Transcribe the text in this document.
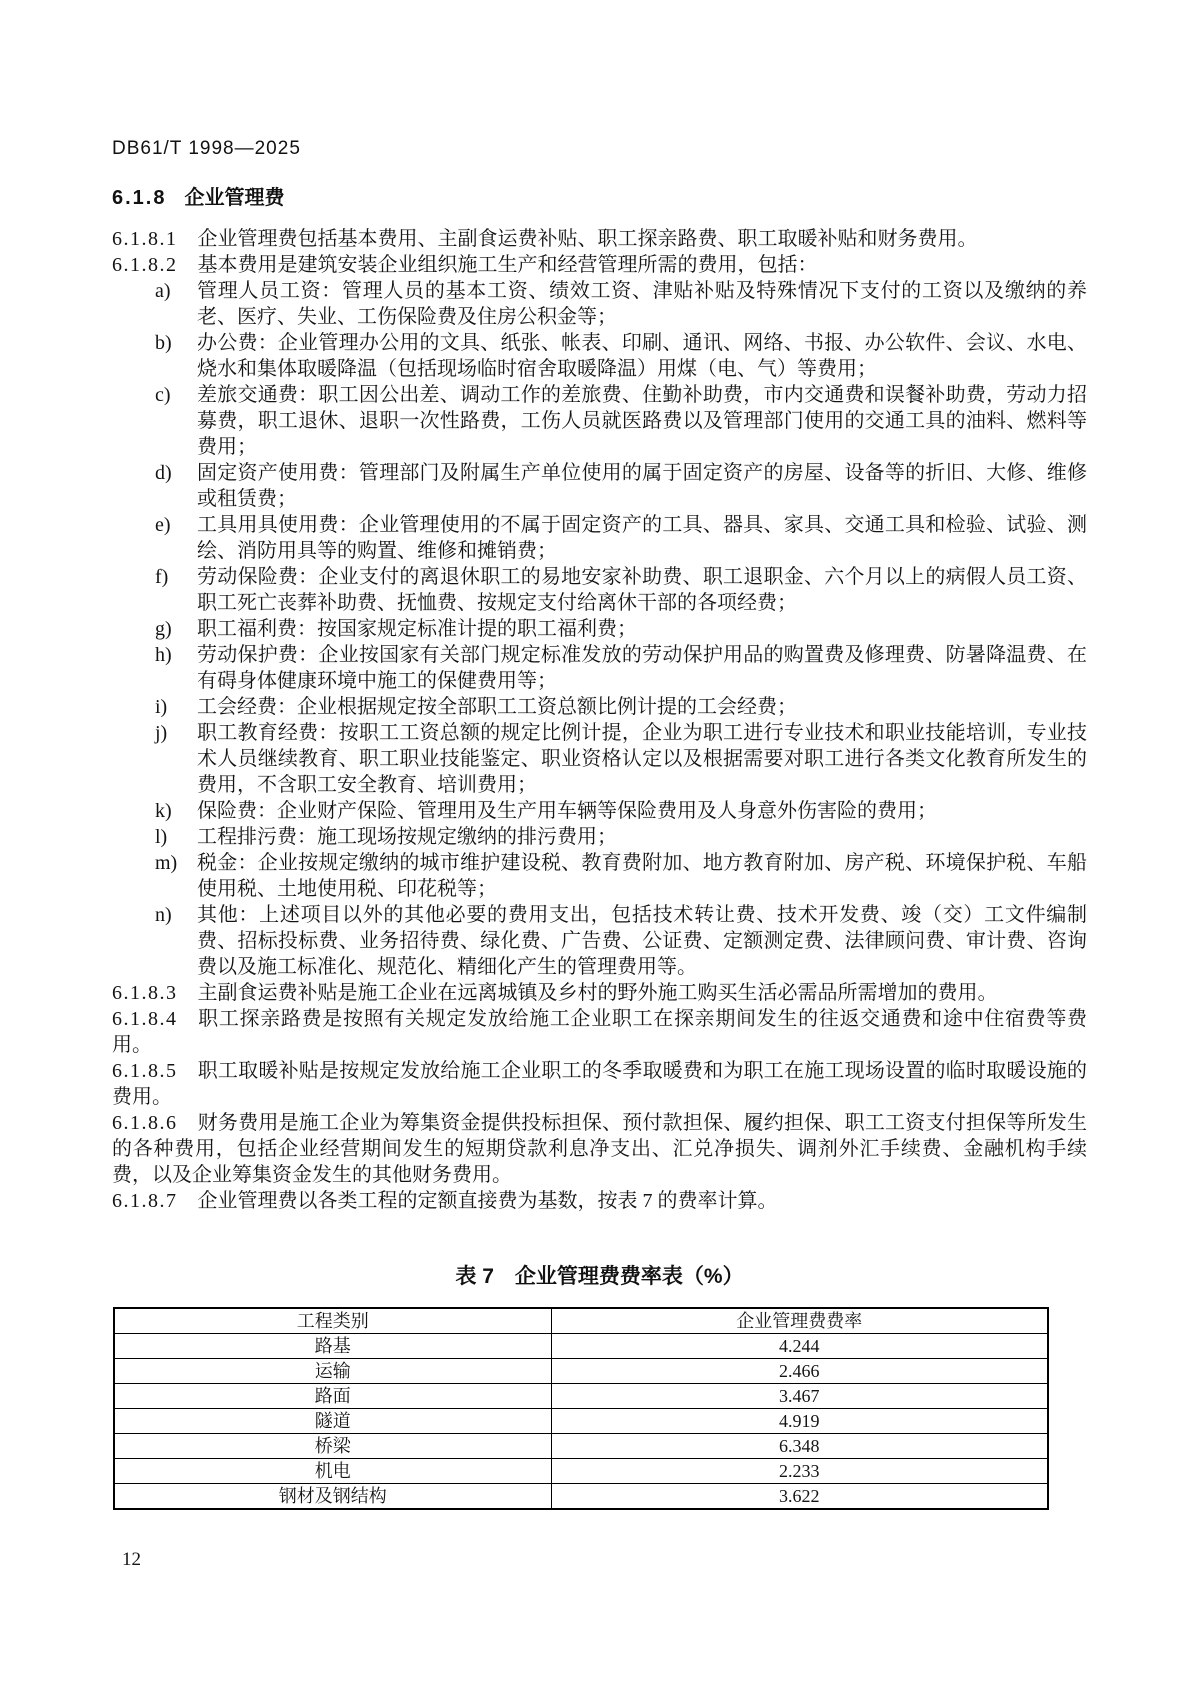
DB61/T 1998—2025
6.1.8 企业管理费

6.1.8.1 企业管理费包括基本费用、主副食运费补贴、职工探亲路费、职工取暖补贴和财务费用。

6.1.8.2 基本费用是建筑安装企业组织施工生产和经营管理所需的费用，包括：

a)	管理人员工资：管理人员的基本工资、绩效工资、津贴补贴及特殊情况下支付的工资以及缴纳的养老、医疗、失业、工伤保险费及住房公积金等；
b)	办公费：企业管理办公用的文具、纸张、帐表、印刷、通讯、网络、书报、办公软件、会议、水电、烧水和集体取暖降温（包括现场临时宿舍取暖降温）用煤（电、气）等费用；
c)	差旅交通费：职工因公出差、调动工作的差旅费、住勤补助费，市内交通费和误餐补助费，劳动力招募费，职工退休、退职一次性路费，工伤人员就医路费以及管理部门使用的交通工具的油料、燃料等费用；
d)	固定资产使用费：管理部门及附属生产单位使用的属于固定资产的房屋、设备等的折旧、大修、维修或租赁费；
e)	工具用具使用费：企业管理使用的不属于固定资产的工具、器具、家具、交通工具和检验、试验、测绘、消防用具等的购置、维修和摊销费；
f)	劳动保险费：企业支付的离退休职工的易地安家补助费、职工退职金、六个月以上的病假人员工资、职工死亡丧葬补助费、抚恤费、按规定支付给离休干部的各项经费；
g)	职工福利费：按国家规定标准计提的职工福利费；
h)	劳动保护费：企业按国家有关部门规定标准发放的劳动保护用品的购置费及修理费、防暑降温费、在有碍身体健康环境中施工的保健费用等；
i)	工会经费：企业根据规定按全部职工工资总额比例计提的工会经费；
j)	职工教育经费：按职工工资总额的规定比例计提，企业为职工进行专业技术和职业技能培训，专业技术人员继续教育、职工职业技能鉴定、职业资格认定以及根据需要对职工进行各类文化教育所发生的费用，不含职工安全教育、培训费用；
k)	保险费：企业财产保险、管理用及生产用车辆等保险费用及人身意外伤害险的费用；
l)	工程排污费：施工现场按规定缴纳的排污费用；
m) 税金：企业按规定缴纳的城市维护建设税、教育费附加、地方教育附加、房产税、环境保护税、车船使用税、土地使用税、印花税等；
n)	其他：上述项目以外的其他必要的费用支出，包括技术转让费、技术开发费、竣（交）工文件编制费、招标投标费、业务招待费、绿化费、广告费、公证费、定额测定费、法律顾问费、审计费、咨询费以及施工标准化、规范化、精细化产生的管理费用等。

6.1.8.3 主副食运费补贴是施工企业在远离城镇及乡村的野外施工购买生活必需品所需增加的费用。

6.1.8.4 职工探亲路费是按照有关规定发放给施工企业职工在探亲期间发生的往返交通费和途中住宿费等费用。

6.1.8.5 职工取暖补贴是按规定发放给施工企业职工的冬季取暖费和为职工在施工现场设置的临时取暖设施的费用。

6.1.8.6 财务费用是施工企业为筹集资金提供投标担保、预付款担保、履约担保、职工工资支付担保等所发生的各种费用，包括企业经营期间发生的短期贷款利息净支出、汇兑净损失、调剂外汇手续费、金融机构手续费，以及企业筹集资金发生的其他财务费用。

6.1.8.7 企业管理费以各类工程的定额直接费为基数，按表 7 的费率计算。

表 7　企业管理费费率表（%）
工程类别	企业管理费费率
路基	4.244
运输	2.466
路面	3.467
隧道	4.919
桥梁	6.348
机电	2.233
钢材及钢结构	3.622
12
